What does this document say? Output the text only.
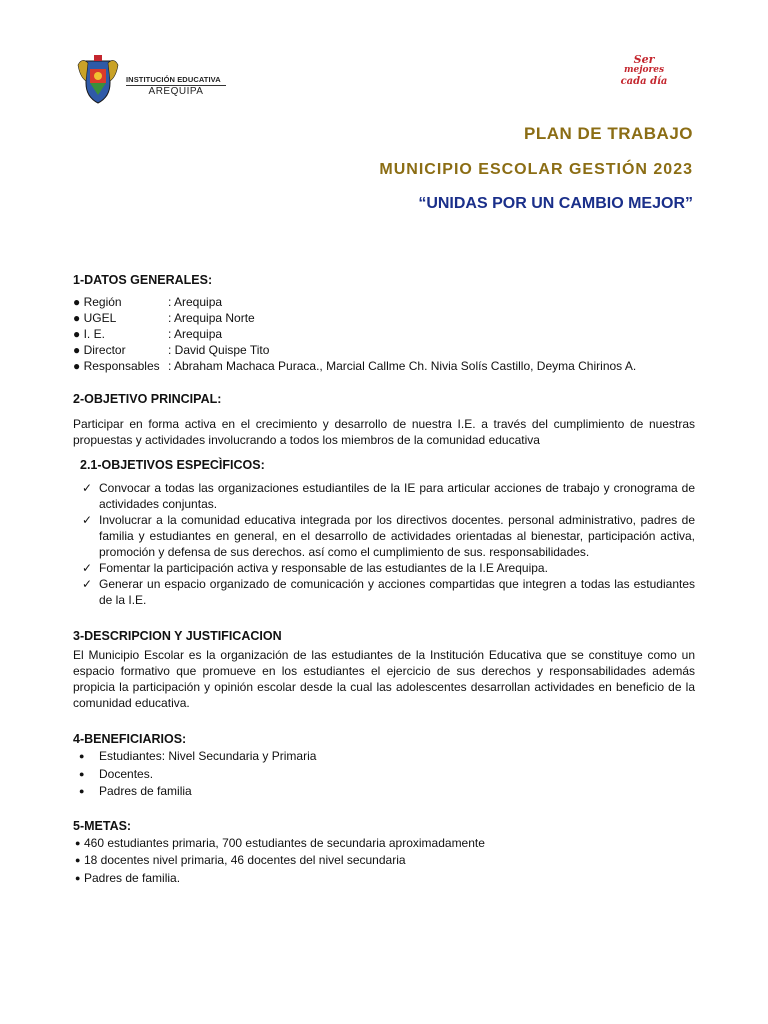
INSTITUCIÓN EDUCATIVA
AREQUIPA
Ser
mejores
cada día
PLAN DE TRABAJO
MUNICIPIO ESCOLAR GESTIÓN 2023
“UNIDAS POR UN CAMBIO MEJOR”

1-DATOS GENERALES:

● Región	: Arequipa
● UGEL	: Arequipa Norte
● I. E.	: Arequipa
● Director	: David Quispe Tito
● Responsables : Abraham Machaca Puraca., Marcial Callme Ch. Nivia Solís Castillo, Deyma Chirinos A.

2-OBJETIVO PRINCIPAL:

Participar en forma activa en el crecimiento y desarrollo de nuestra I.E. a través del cumplimiento de nuestras propuestas y actividades involucrando a todos los miembros de la comunidad educativa

2.1-OBJETIVOS ESPECÌFICOS:

✓ Convocar a todas las organizaciones estudiantiles de la IE para articular acciones de trabajo y cronograma de actividades conjuntas.
✓ Involucrar a la comunidad educativa integrada por los directivos docentes. personal administrativo, padres de familia y estudiantes en general, en el desarrollo de actividades orientadas al bienestar, participación activa, promoción y defensa de sus derechos. así como el cumplimiento de sus. responsabilidades.
✓ Fomentar la participación activa y responsable de las estudiantes de la I.E Arequipa.
✓ Generar un espacio organizado de comunicación y acciones compartidas que integren a todas las estudiantes de la I.E.

3-DESCRIPCION Y JUSTIFICACION

El Municipio Escolar es la organización de las estudiantes de la Institución Educativa que se constituye como un espacio formativo que promueve en los estudiantes el ejercicio de sus derechos y responsabilidades además propicia la participación y opinión escolar desde la cual las adolescentes desarrollan actividades en beneficio de la comunidad educativa.

4-BENEFICIARIOS:

● Estudiantes: Nivel Secundaria y Primaria
● Docentes.
● Padres de familia

5-METAS:

● 460 estudiantes primaria, 700 estudiantes de secundaria aproximadamente
● 18 docentes nivel primaria, 46 docentes del nivel secundaria
● Padres de familia.
